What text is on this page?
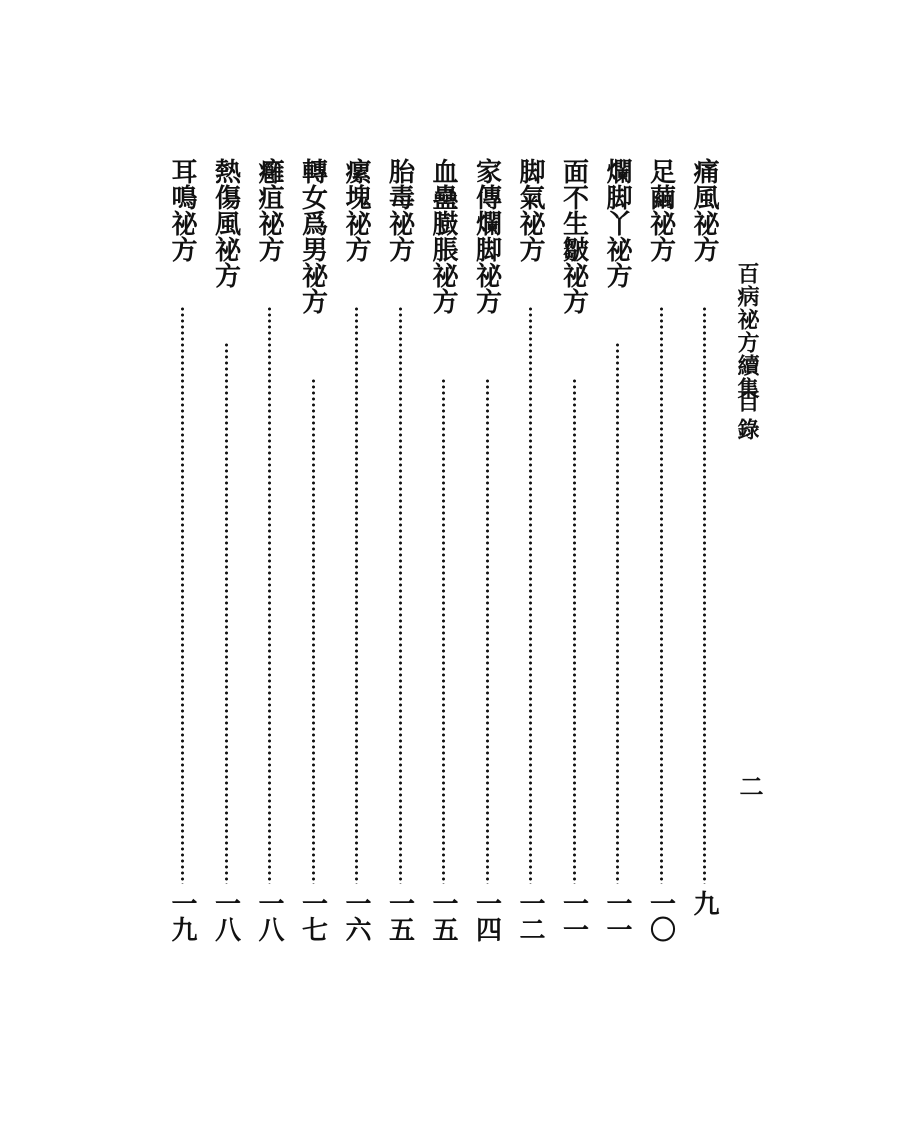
百病祕方續集
目錄
二
痛風祕方
九
足繭祕方
一〇
爛脚丫祕方
一一
面不生皺祕方
一一
脚氣祕方
一二
家傳爛脚祕方
一四
血蠱臌脹祕方
一五
胎毒祕方
一五
瘰塊祕方
一六
轉女爲男祕方
一七
癰疽祕方
一八
熱傷風祕方
一八
耳鳴祕方
一九
